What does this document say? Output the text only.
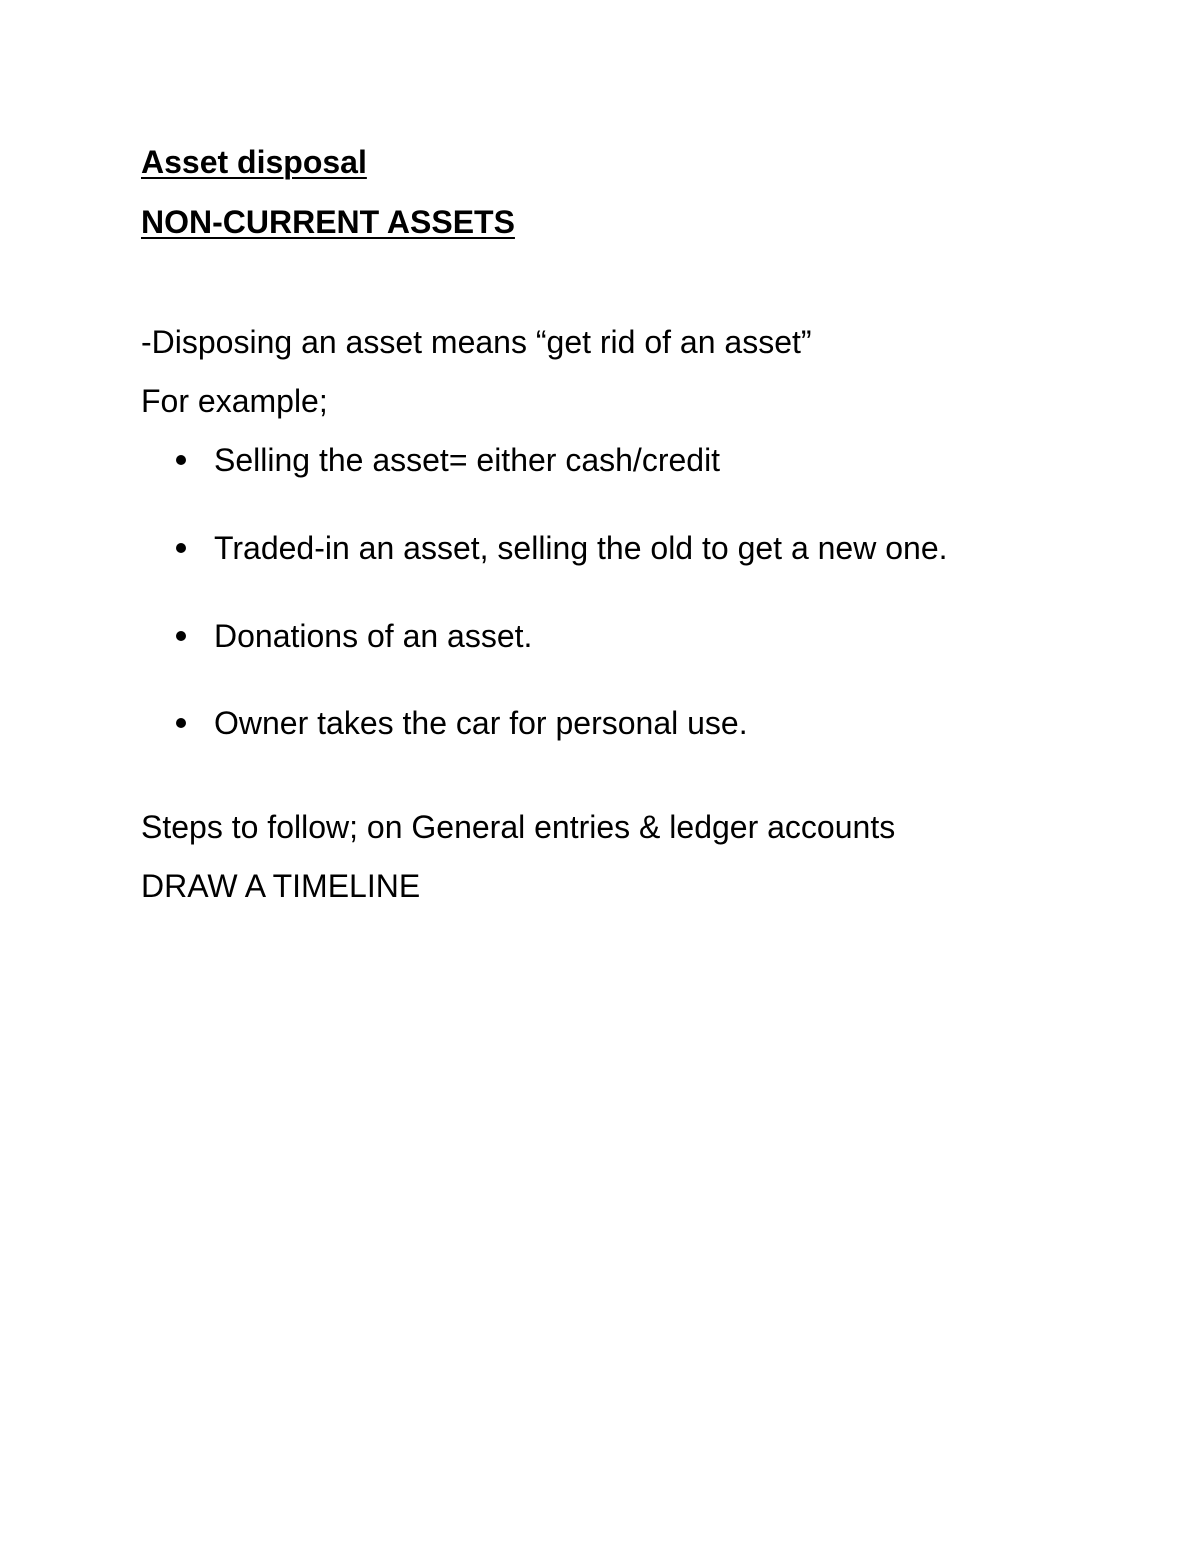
Asset disposal
NON-CURRENT ASSETS
-Disposing an asset means “get rid of an asset”
For example;
Selling the asset= either cash/credit
Traded-in an asset, selling the old to get a new one.
Donations of an asset.
Owner takes the car for personal use.
Steps to follow; on General entries & ledger accounts
DRAW A TIMELINE
